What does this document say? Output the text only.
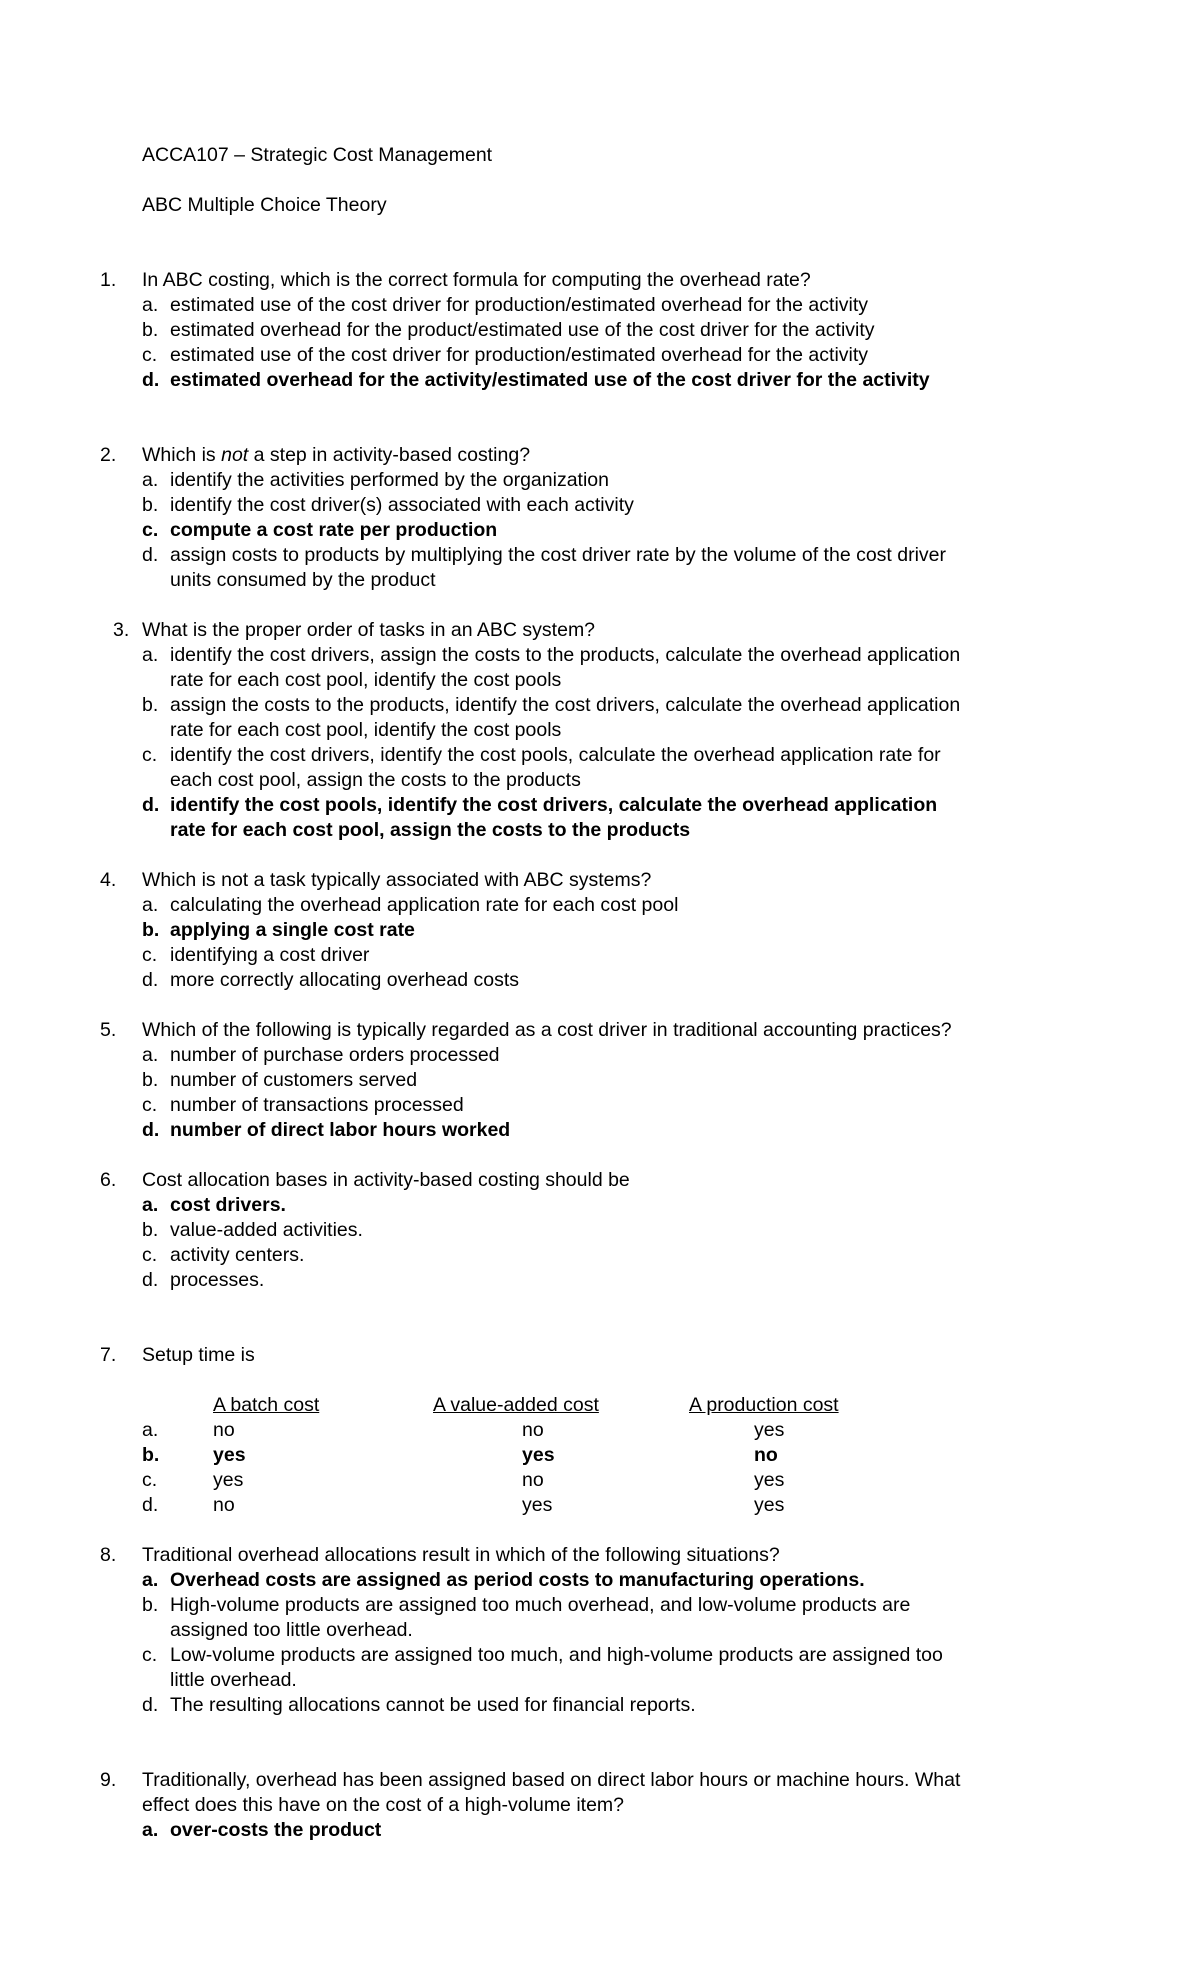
ACCA107 – Strategic Cost Management
ABC Multiple Choice Theory
1. In ABC costing, which is the correct formula for computing the overhead rate?
a. estimated use of the cost driver for production/estimated overhead for the activity
b. estimated overhead for the product/estimated use of the cost driver for the activity
c. estimated use of the cost driver for production/estimated overhead for the activity
d. estimated overhead for the activity/estimated use of the cost driver for the activity
2. Which is not a step in activity-based costing?
a. identify the activities performed by the organization
b. identify the cost driver(s) associated with each activity
c. compute a cost rate per production
d. assign costs to products by multiplying the cost driver rate by the volume of the cost driver
units consumed by the product
3. What is the proper order of tasks in an ABC system?
a. identify the cost drivers, assign the costs to the products, calculate the overhead application
rate for each cost pool, identify the cost pools
b. assign the costs to the products, identify the cost drivers, calculate the overhead application
rate for each cost pool, identify the cost pools
c. identify the cost drivers, identify the cost pools, calculate the overhead application rate for
each cost pool, assign the costs to the products
d. identify the cost pools, identify the cost drivers, calculate the overhead application
rate for each cost pool, assign the costs to the products
4. Which is not a task typically associated with ABC systems?
a. calculating the overhead application rate for each cost pool
b. applying a single cost rate
c. identifying a cost driver
d. more correctly allocating overhead costs
5. Which of the following is typically regarded as a cost driver in traditional accounting practices?
a. number of purchase orders processed
b. number of customers served
c. number of transactions processed
d. number of direct labor hours worked
6. Cost allocation bases in activity-based costing should be
a. cost drivers.
b. value-added activities.
c. activity centers.
d. processes.
7. Setup time is
A batch cost	A value-added cost	A production cost
a.	no	no	yes
b.	yes	yes	no
c.	yes	no	yes
d.	no	yes	yes
8. Traditional overhead allocations result in which of the following situations?
a. Overhead costs are assigned as period costs to manufacturing operations.
b. High-volume products are assigned too much overhead, and low-volume products are
assigned too little overhead.
c. Low-volume products are assigned too much, and high-volume products are assigned too
little overhead.
d. The resulting allocations cannot be used for financial reports.
9. Traditionally, overhead has been assigned based on direct labor hours or machine hours. What
effect does this have on the cost of a high-volume item?
a. over-costs the product
